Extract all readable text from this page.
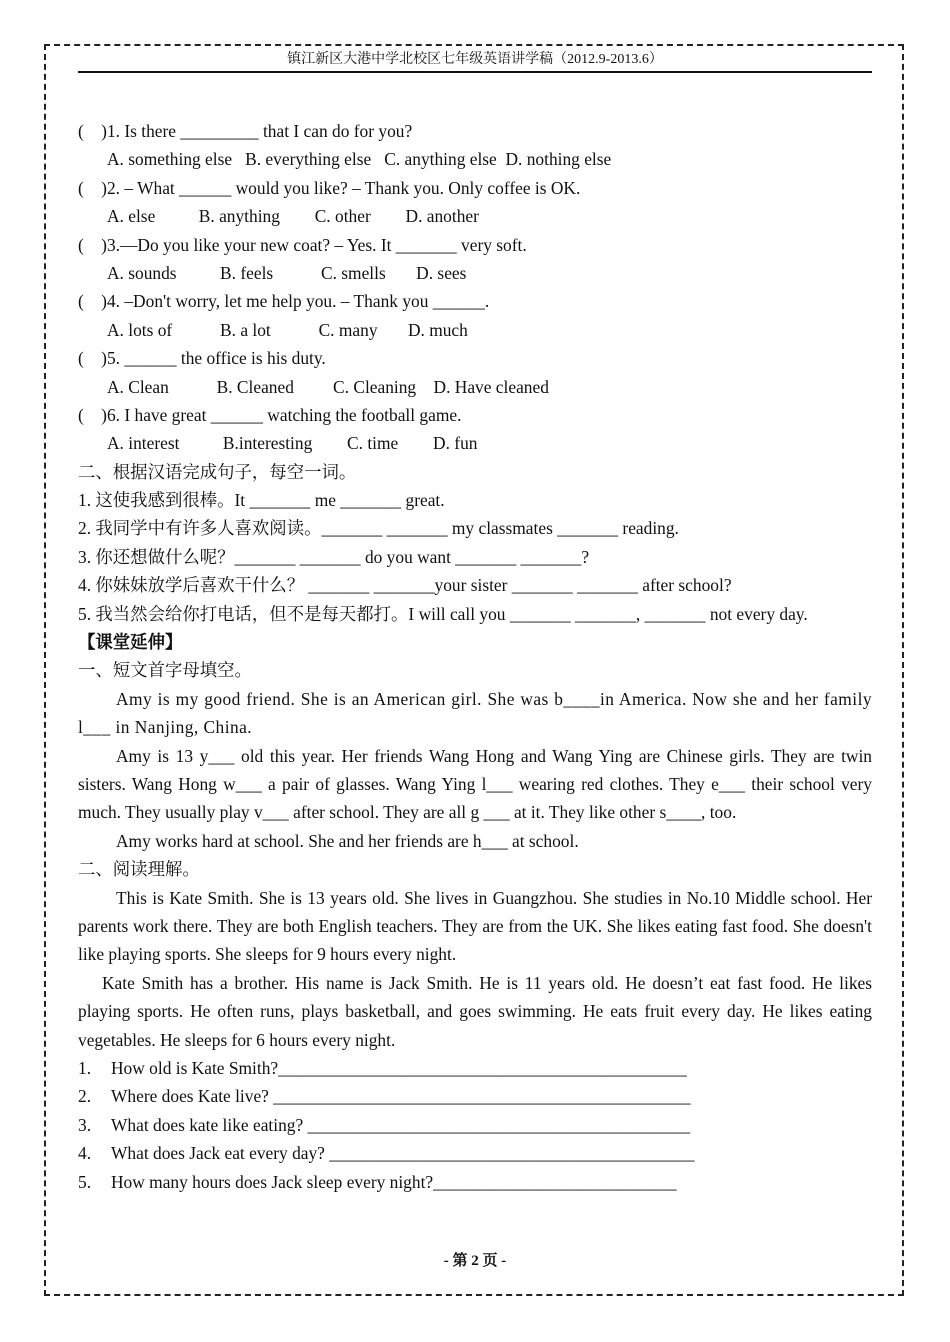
镇江新区大港中学北校区七年级英语讲学稿（2012.9-2013.6）
(    )1. Is there _________ that I can do for you?
A. something else   B. everything else   C. anything else  D. nothing else
(    )2. – What ______ would you like? – Thank you. Only coffee is OK.
A. else          B. anything        C. other        D. another
(    )3.—Do you like your new coat? – Yes. It _______ very soft.
A. sounds          B. feels           C. smells       D. sees
(    )4. –Don't worry, let me help you. – Thank you ______.
A. lots of           B. a lot           C. many       D. much
(    )5. ______ the office is his duty.
A. Clean           B. Cleaned         C. Cleaning    D. Have cleaned
(    )6. I have great ______ watching the football game.
A. interest          B.interesting        C. time        D. fun
二、根据汉语完成句子，每空一词。
1. 这使我感到很棒。It _______ me _______ great.
2. 我同学中有许多人喜欢阅读。_______ _______ my classmates _______ reading.
3. 你还想做什么呢？_______ _______ do you want _______ _______?
4. 你妹妹放学后喜欢干什么？ _______ _______your sister _______ _______ after school?
5. 我当然会给你打电话，但不是每天都打。I will call you _______ _______, _______ not every day.
【课堂延伸】
一、短文首字母填空。
Amy is my good friend. She is an American girl. She was b____in America. Now she and her family l___ in Nanjing, China.
Amy is 13 y___ old this year. Her friends Wang Hong and Wang Ying are Chinese girls. They are twin sisters. Wang Hong w___ a pair of glasses. Wang Ying l___ wearing red clothes. They e___ their school very much. They usually play v___ after school. They are all g ___ at it. They like other s____, too.
Amy works hard at school. She and her friends are h___ at school.
二、阅读理解。
This is Kate Smith. She is 13 years old. She lives in Guangzhou. She studies in No.10 Middle school. Her parents work there. They are both English teachers. They are from the UK. She likes eating fast food. She doesn't like playing sports. She sleeps for 9 hours every night.
Kate Smith has a brother. His name is Jack Smith. He is 11 years old. He doesn’t eat fast food. He likes playing sports. He often runs, plays basketball, and goes swimming. He eats fruit every day. He likes eating vegetables. He sleeps for 6 hours every night.
1.	How old is Kate Smith?_______________________________________________
2.	Where does Kate live? ________________________________________________
3.	What does kate like eating? ____________________________________________
4.	What does Jack eat every day? __________________________________________
5.	How many hours does Jack sleep every night?____________________________
- 第 2 页 -
